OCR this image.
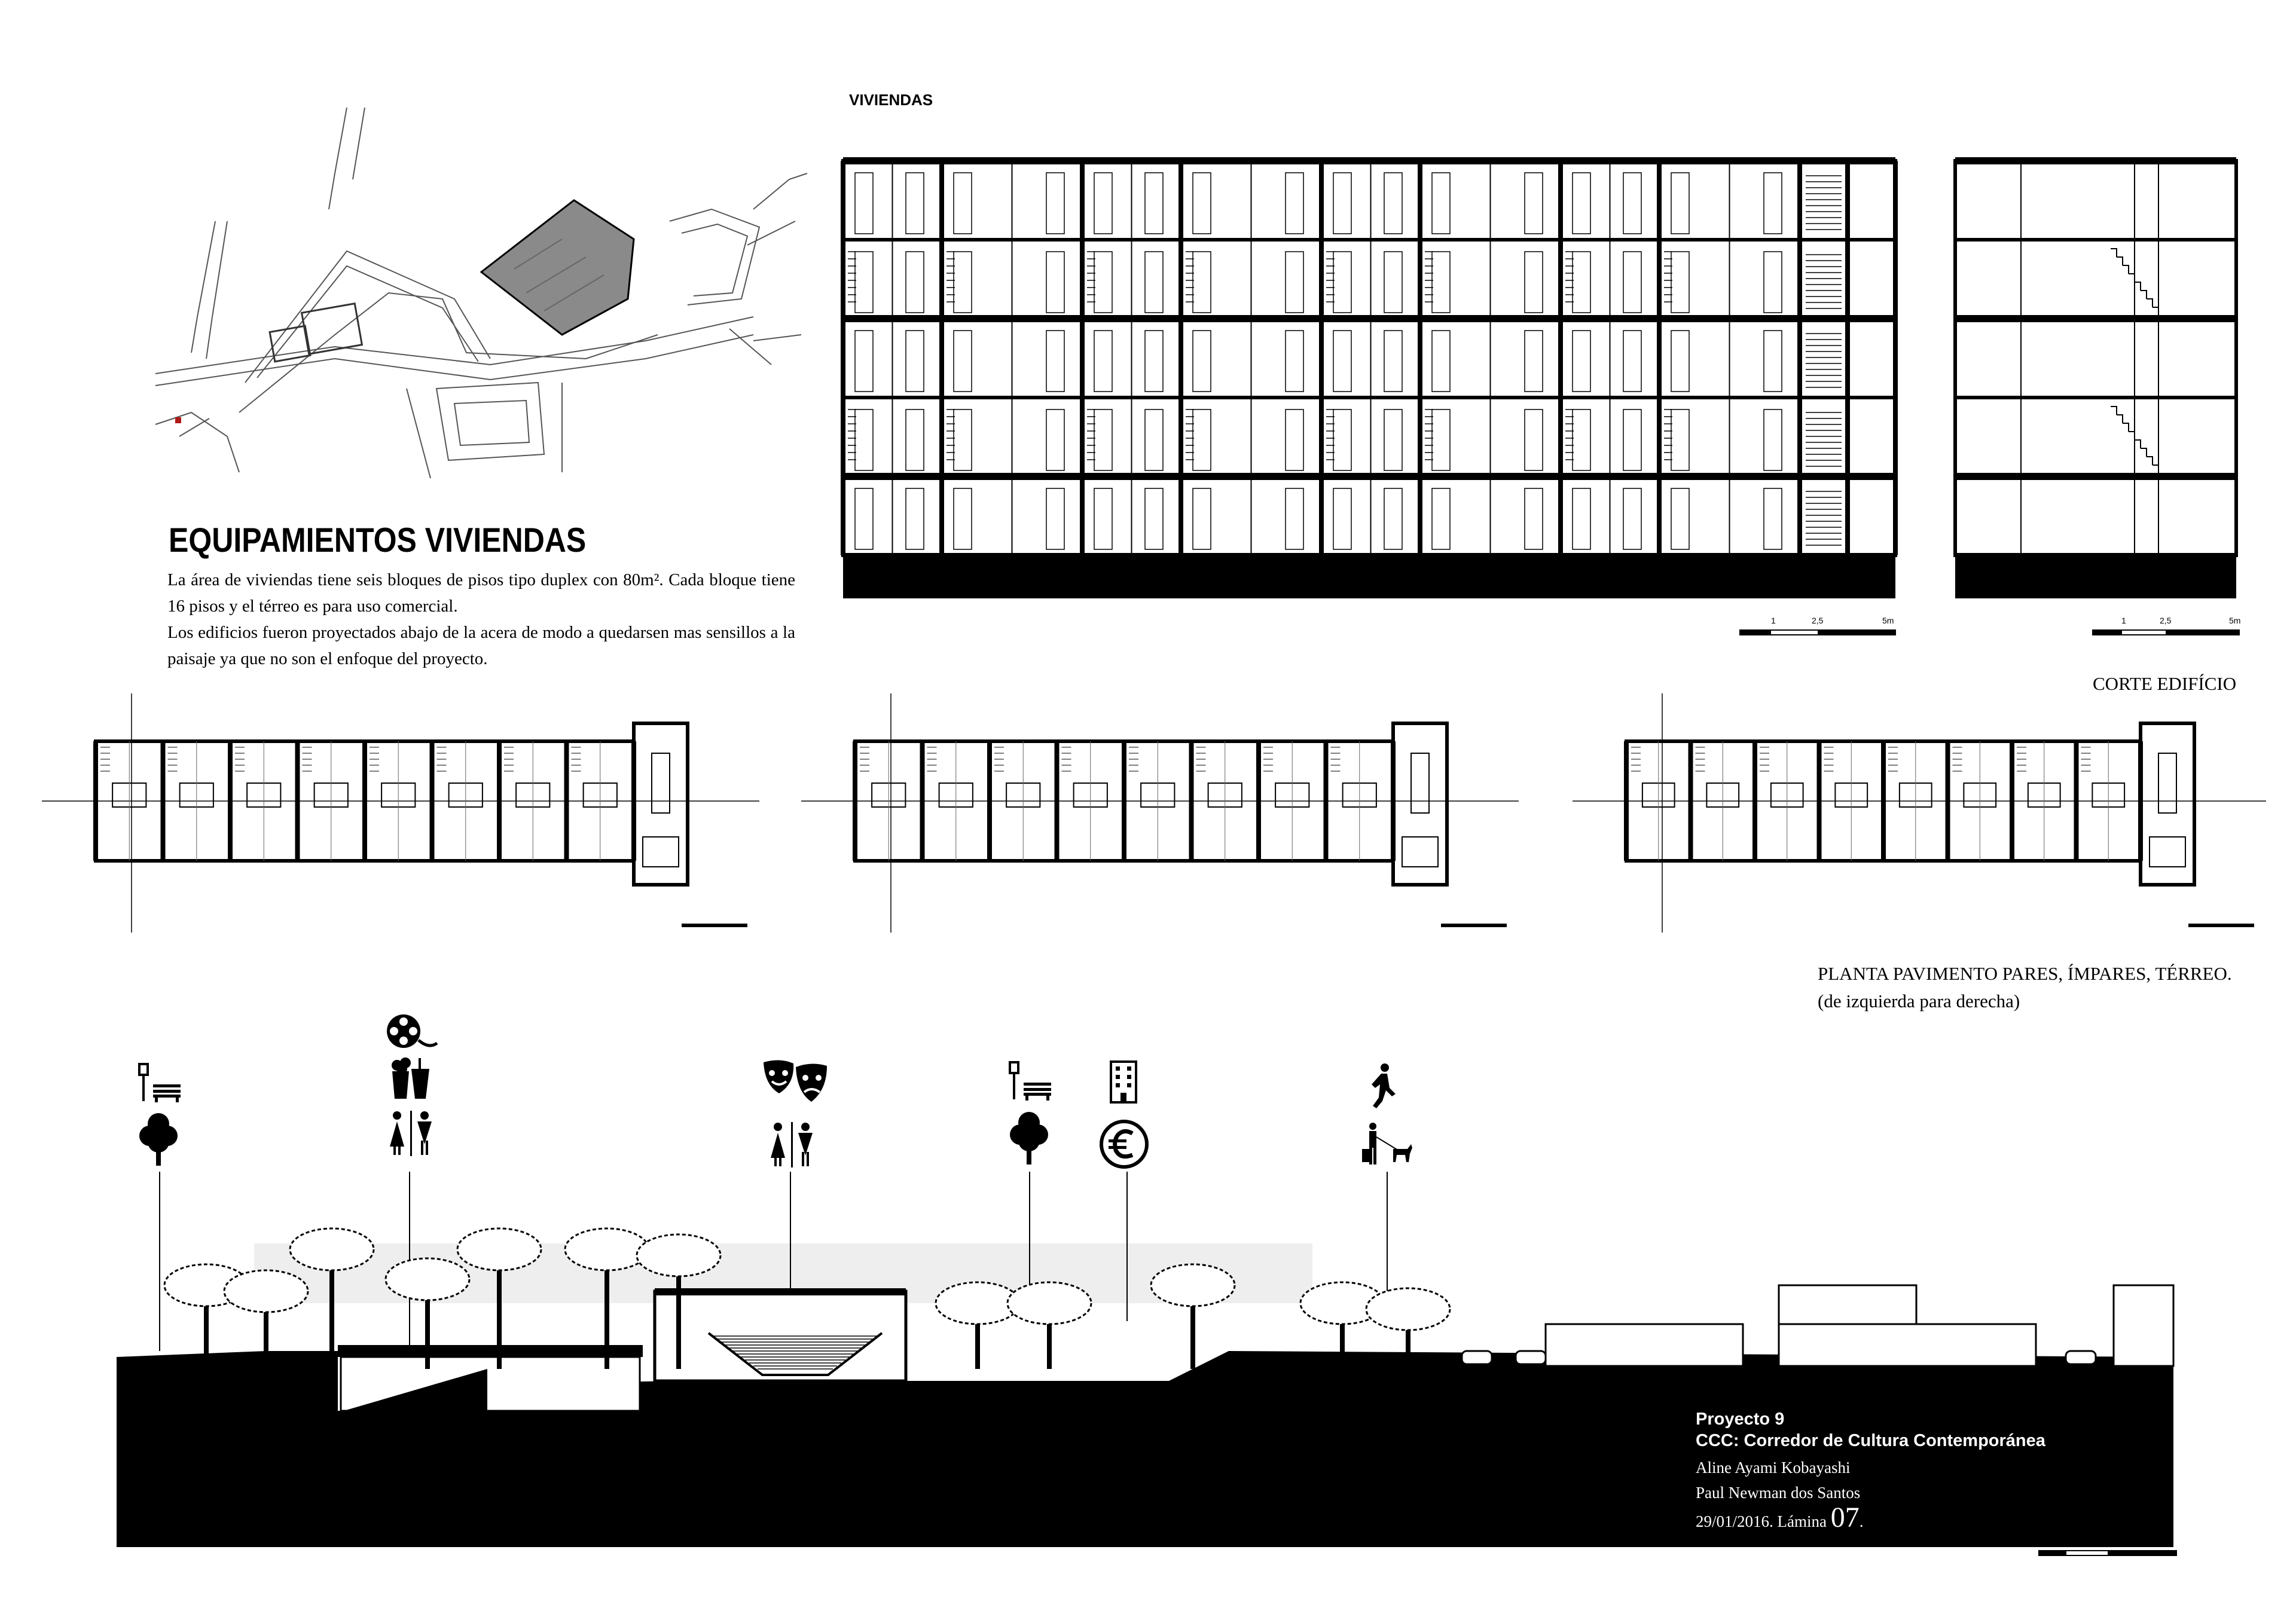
EQUIPAMIENTOS VIVIENDAS

La área de viviendas tiene seis bloques de pisos tipo duplex con 80m². Cada bloque tiene 16 pisos y el térreo es para uso comercial.

Los edificios fueron proyectados abajo de la acera de modo a quedarsen mas sensillos a la paisaje ya que no son el enfoque del proyecto.

VIVIENDAS
1	2,5	5m	1	2,5	5m
CORTE EDIFÍCIO
PLANTA PAVIMENTO PARES, ÍMPARES, TÉRREO.
(de izquierda para derecha)
Proyecto 9
CCC: Corredor de Cultura Contemporánea
Aline Ayami Kobayashi
Paul Newman dos Santos
29/01/2016. Lámina 07.
